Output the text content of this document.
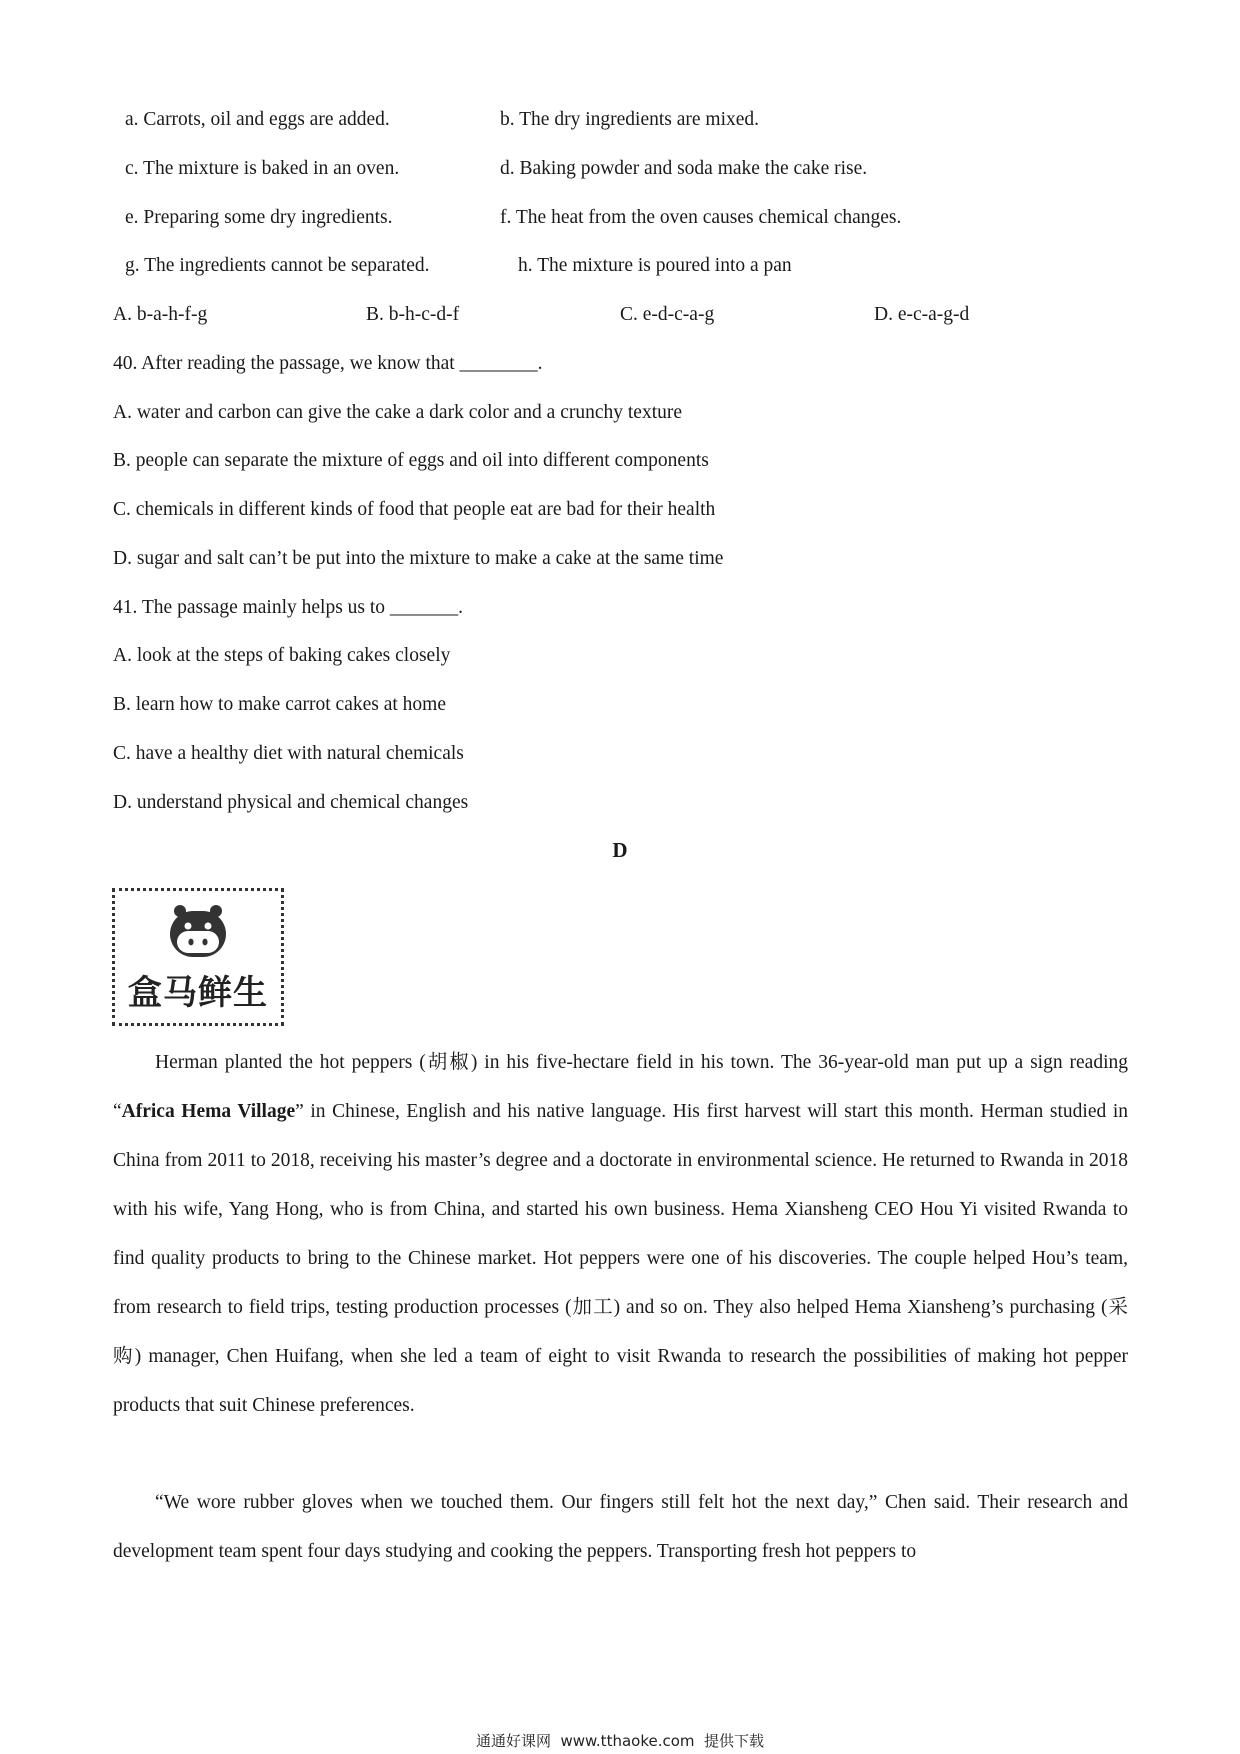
a. Carrots, oil and eggs are added.	b. The dry ingredients are mixed.
c. The mixture is baked in an oven.	d. Baking powder and soda make the cake rise.
e. Preparing some dry ingredients.	f. The heat from the oven causes chemical changes.
g. The ingredients cannot be separated.	h. The mixture is poured into a pan
A. b-a-h-f-g	B. b-h-c-d-f	C. e-d-c-a-g	D. e-c-a-g-d
40. After reading the passage, we know that ________.
A. water and carbon can give the cake a dark color and a crunchy texture
B. people can separate the mixture of eggs and oil into different components
C. chemicals in different kinds of food that people eat are bad for their health
D. sugar and salt can’t be put into the mixture to make a cake at the same time
41. The passage mainly helps us to _______.
A. look at the steps of baking cakes closely
B. learn how to make carrot cakes at home
C. have a healthy diet with natural chemicals
D. understand physical and chemical changes
D
盒马鲜生

Herman planted the hot peppers (胡椒) in his five-hectare field in his town. The 36-year-old man put up a sign reading “Africa Hema Village” in Chinese, English and his native language. His first harvest will start this month. Herman studied in China from 2011 to 2018, receiving his master’s degree and a doctorate in environmental science. He returned to Rwanda in 2018 with his wife, Yang Hong, who is from China, and started his own business. Hema Xiansheng CEO Hou Yi visited Rwanda to find quality products to bring to the Chinese market. Hot peppers were one of his discoveries. The couple helped Hou’s team, from research to field trips, testing production processes (加工) and so on. They also helped Hema Xiansheng’s purchasing (采购) manager, Chen Huifang, when she led a team of eight to visit Rwanda to research the possibilities of making hot pepper products that suit Chinese preferences.

“We wore rubber gloves when we touched them. Our fingers still felt hot the next day,” Chen said. Their research and development team spent four days studying and cooking the peppers. Transporting fresh hot peppers to

通通好课网  www.tthaoke.com  提供下载
